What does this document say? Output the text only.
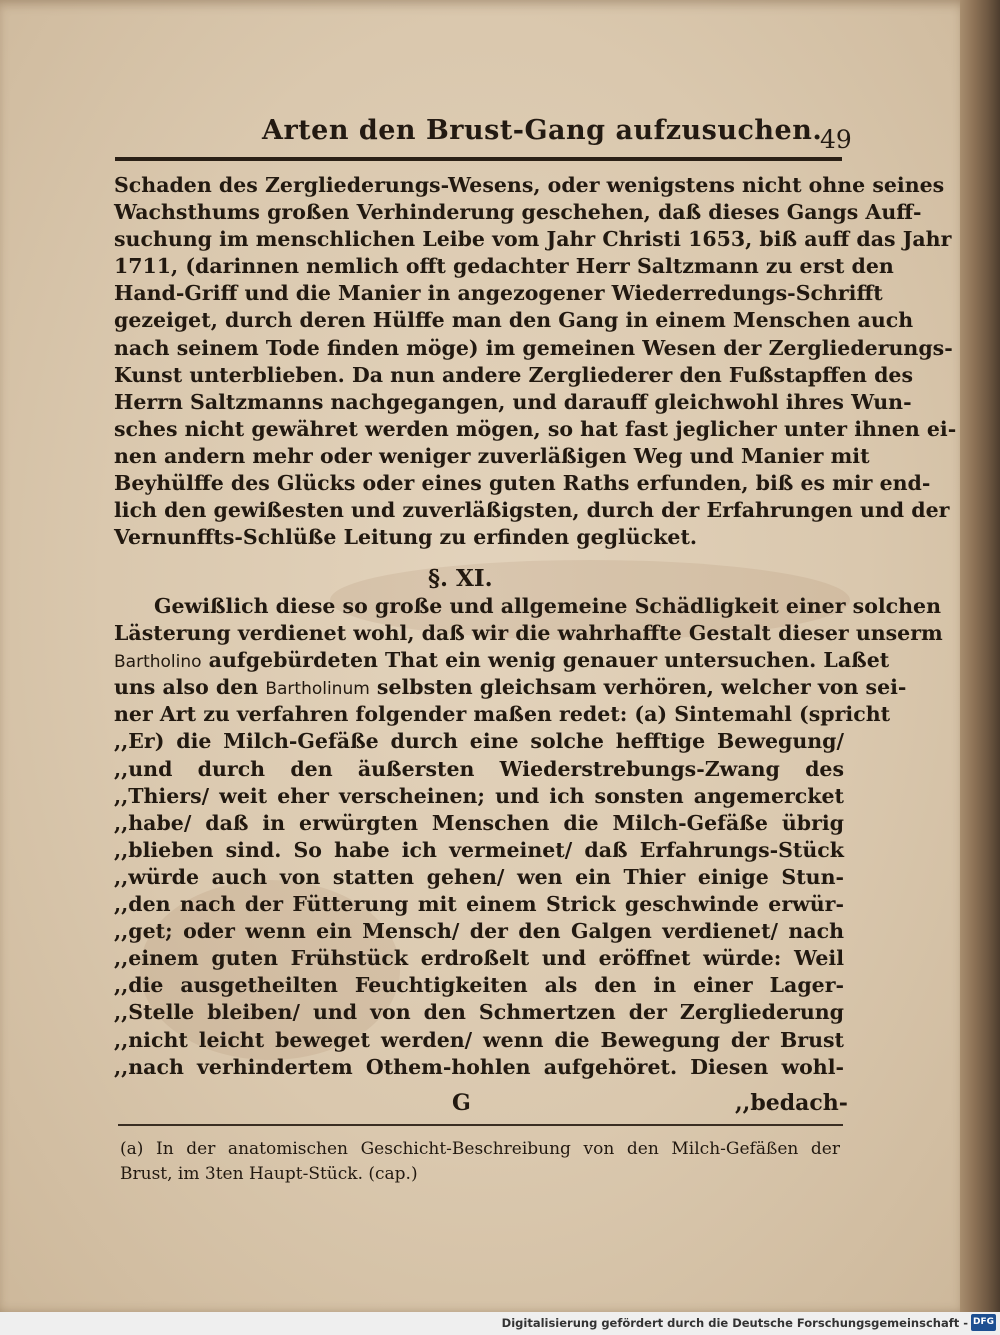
Arten den Brust-Gang aufzusuchen.
49
Schaden des Zergliederungs-Wesens, oder wenigstens nicht ohne seines
Wachsthums großen Verhinderung geschehen, daß dieses Gangs Auff-
suchung im menschlichen Leibe vom Jahr Christi 1653, biß auff das Jahr
1711, (darinnen nemlich offt gedachter Herr Saltzmann zu erst den
Hand-Griff und die Manier in angezogener Wiederredungs-Schrifft
gezeiget, durch deren Hülffe man den Gang in einem Menschen auch
nach seinem Tode finden möge) im gemeinen Wesen der Zergliederungs-
Kunst unterblieben. Da nun andere Zergliederer den Fußstapffen des
Herrn Saltzmanns nachgegangen, und darauff gleichwohl ihres Wun-
sches nicht gewähret werden mögen, so hat fast jeglicher unter ihnen ei-
nen andern mehr oder weniger zuverläßigen Weg und Manier mit
Beyhülffe des Glücks oder eines guten Raths erfunden, biß es mir end-
lich den gewißesten und zuverläßigsten, durch der Erfahrungen und der
Vernunffts-Schlüße Leitung zu erfinden geglücket.
§. XI.
Gewißlich diese so große und allgemeine Schädligkeit einer solchen
Lästerung verdienet wohl, daß wir die wahrhaffte Gestalt dieser unserm
Bartholino aufgebürdeten That ein wenig genauer untersuchen. Laßet
uns also den Bartholinum selbsten gleichsam verhören, welcher von sei-
ner Art zu verfahren folgender maßen redet: (a) Sintemahl (spricht
,,Er) die Milch-Gefäße durch eine solche hefftige Bewegung/
,,und durch den äußersten Wiederstrebungs-Zwang des
,,Thiers/ weit eher verscheinen; und ich sonsten angemercket
,,habe/ daß in erwürgten Menschen die Milch-Gefäße übrig
,,blieben sind. So habe ich vermeinet/ daß Erfahrungs-Stück
,,würde auch von statten gehen/ wen ein Thier einige Stun-
,,den nach der Fütterung mit einem Strick geschwinde erwür-
,,get; oder wenn ein Mensch/ der den Galgen verdienet/ nach
,,einem guten Frühstück erdroßelt und eröffnet würde: Weil
,,die ausgetheilten Feuchtigkeiten als den in einer Lager-
,,Stelle bleiben/ und von den Schmertzen der Zergliederung
,,nicht leicht beweget werden/ wenn die Bewegung der Brust
,,nach verhindertem Othem-hohlen aufgehöret. Diesen wohl-
G	,,bedach-
(a) In der anatomischen Geschicht-Beschreibung von den Milch-Gefäßen der
Brust, im 3ten Haupt-Stück. (cap.)
Digitalisierung gefördert durch die Deutsche Forschungsgemeinschaft - DFG
